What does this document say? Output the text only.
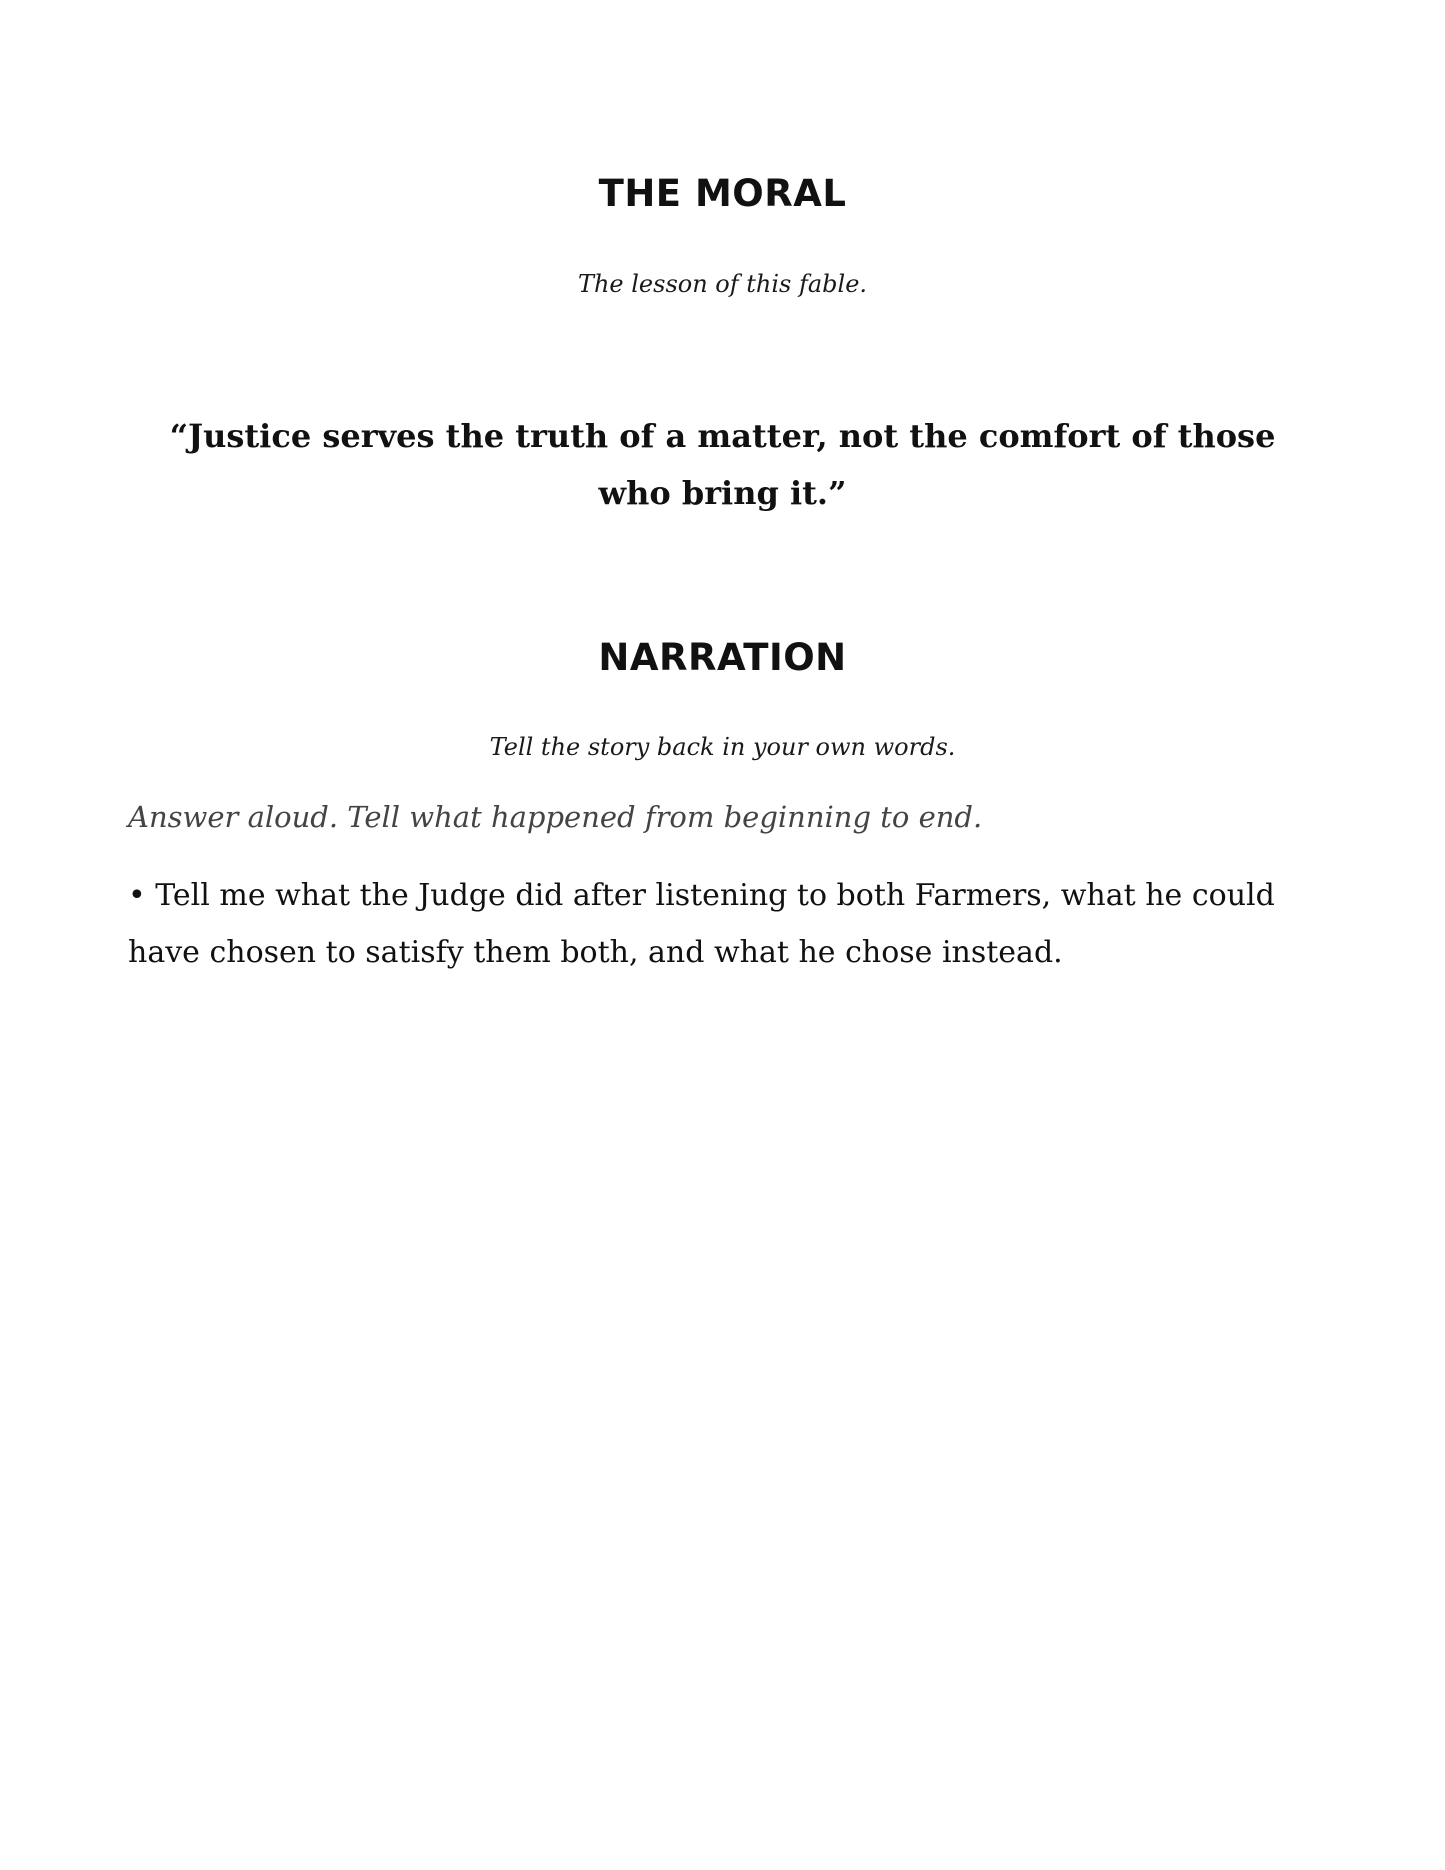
THE MORAL

The lesson of this fable.

“Justice serves the truth of a matter, not the comfort of those who bring it.”

NARRATION

Tell the story back in your own words.

Answer aloud. Tell what happened from beginning to end.

• Tell me what the Judge did after listening to both Farmers, what he could have chosen to satisfy them both, and what he chose instead.
